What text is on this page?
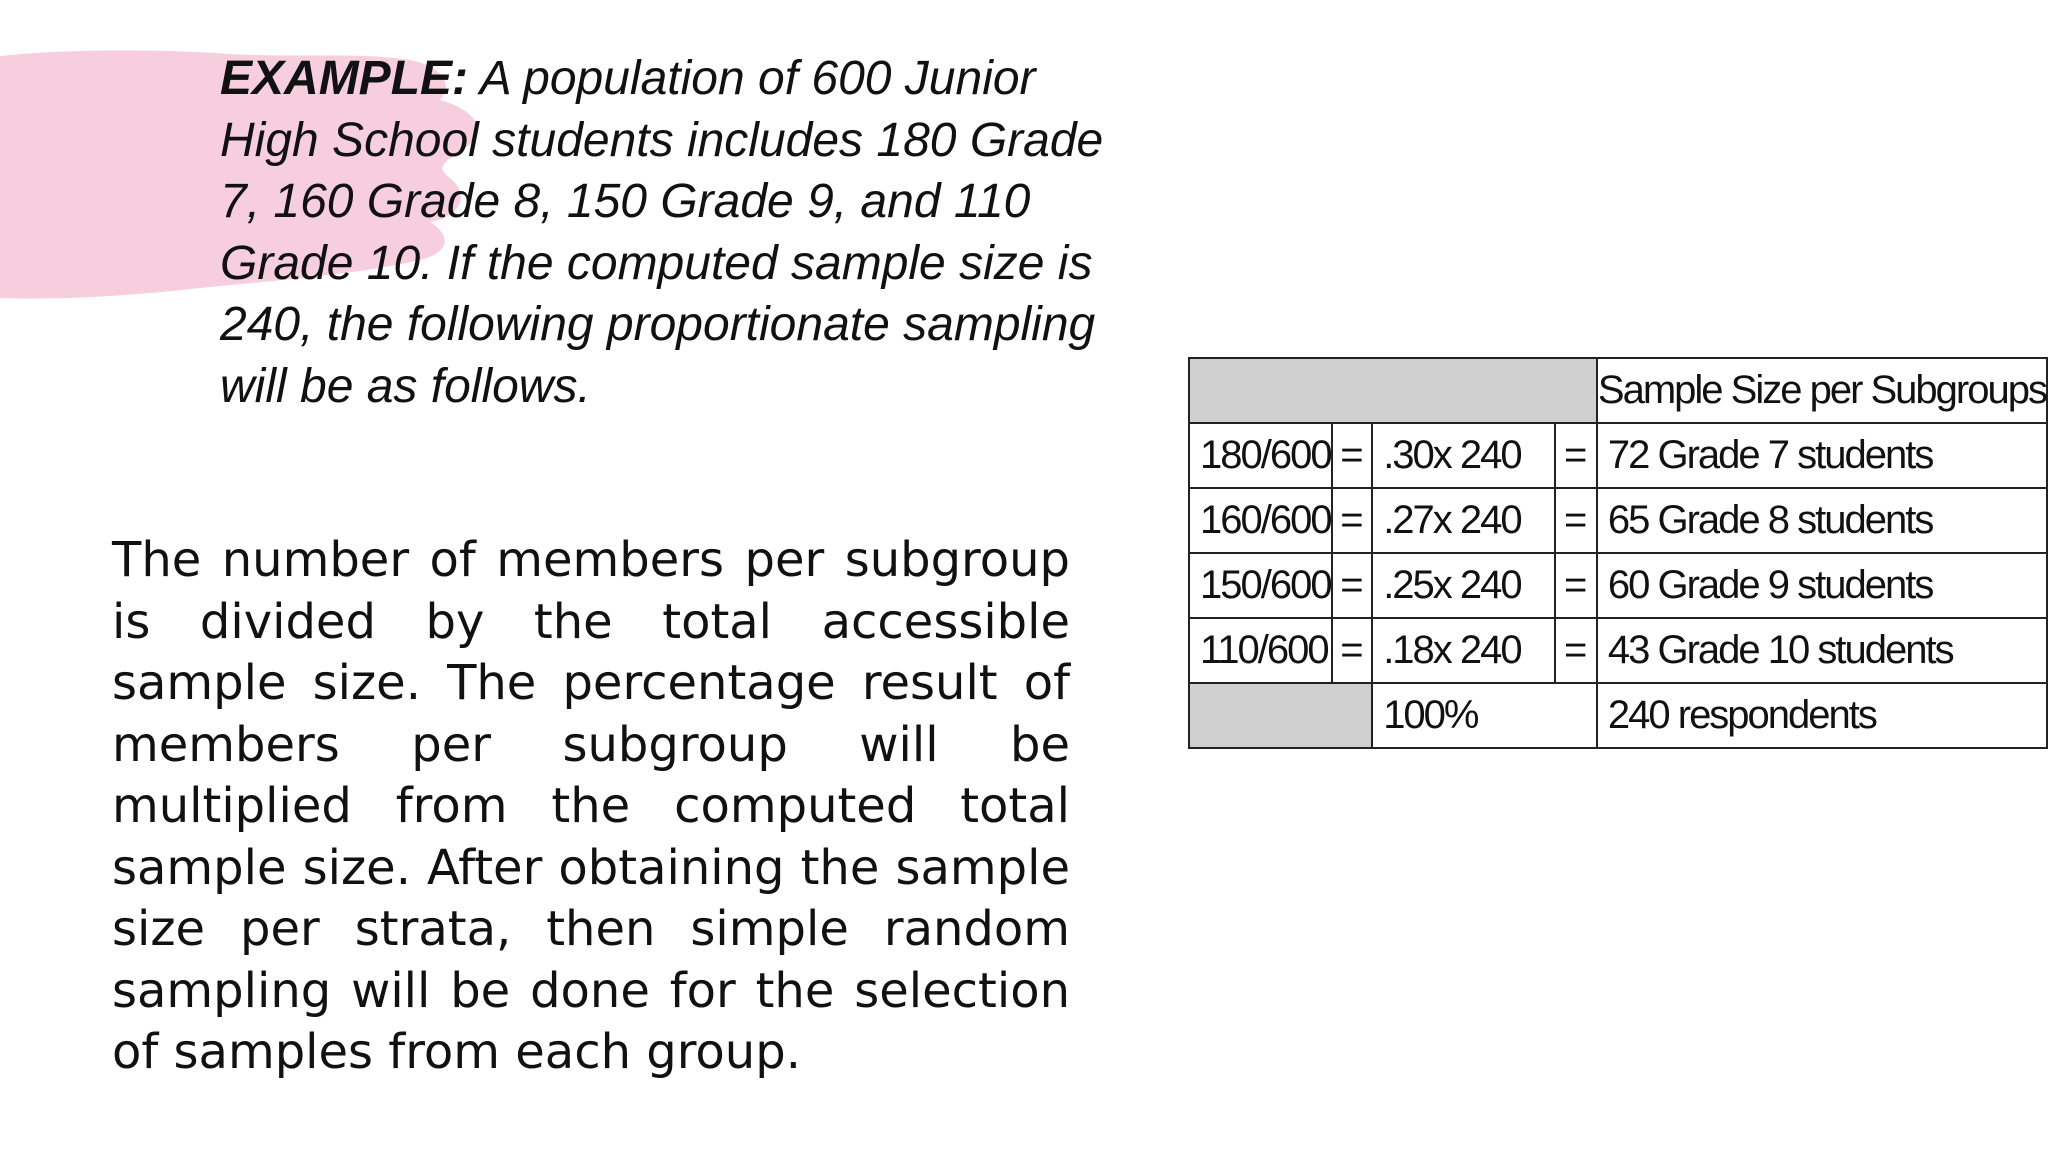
EXAMPLE: A population of 600 Junior High School students includes 180 Grade 7, 160 Grade 8, 150 Grade 9, and 110 Grade 10. If the computed sample size is 240, the following proportionate sampling will be as follows.

The number of members per subgroup is divided by the total accessible sample size. The percentage result of members per subgroup will be multiplied from the computed total sample size. After obtaining the sample size per strata, then simple random sampling will be done for the selection of samples from each group.

				Sample Size per Subgroups
180/600	=	.30x 240	=	72 Grade 7 students
160/600	=	.27x 240	=	65 Grade 8 students
150/600	=	.25x 240	=	60 Grade 9 students
110/600	=	.18x 240	=	43 Grade 10 students
		100%		240 respondents
